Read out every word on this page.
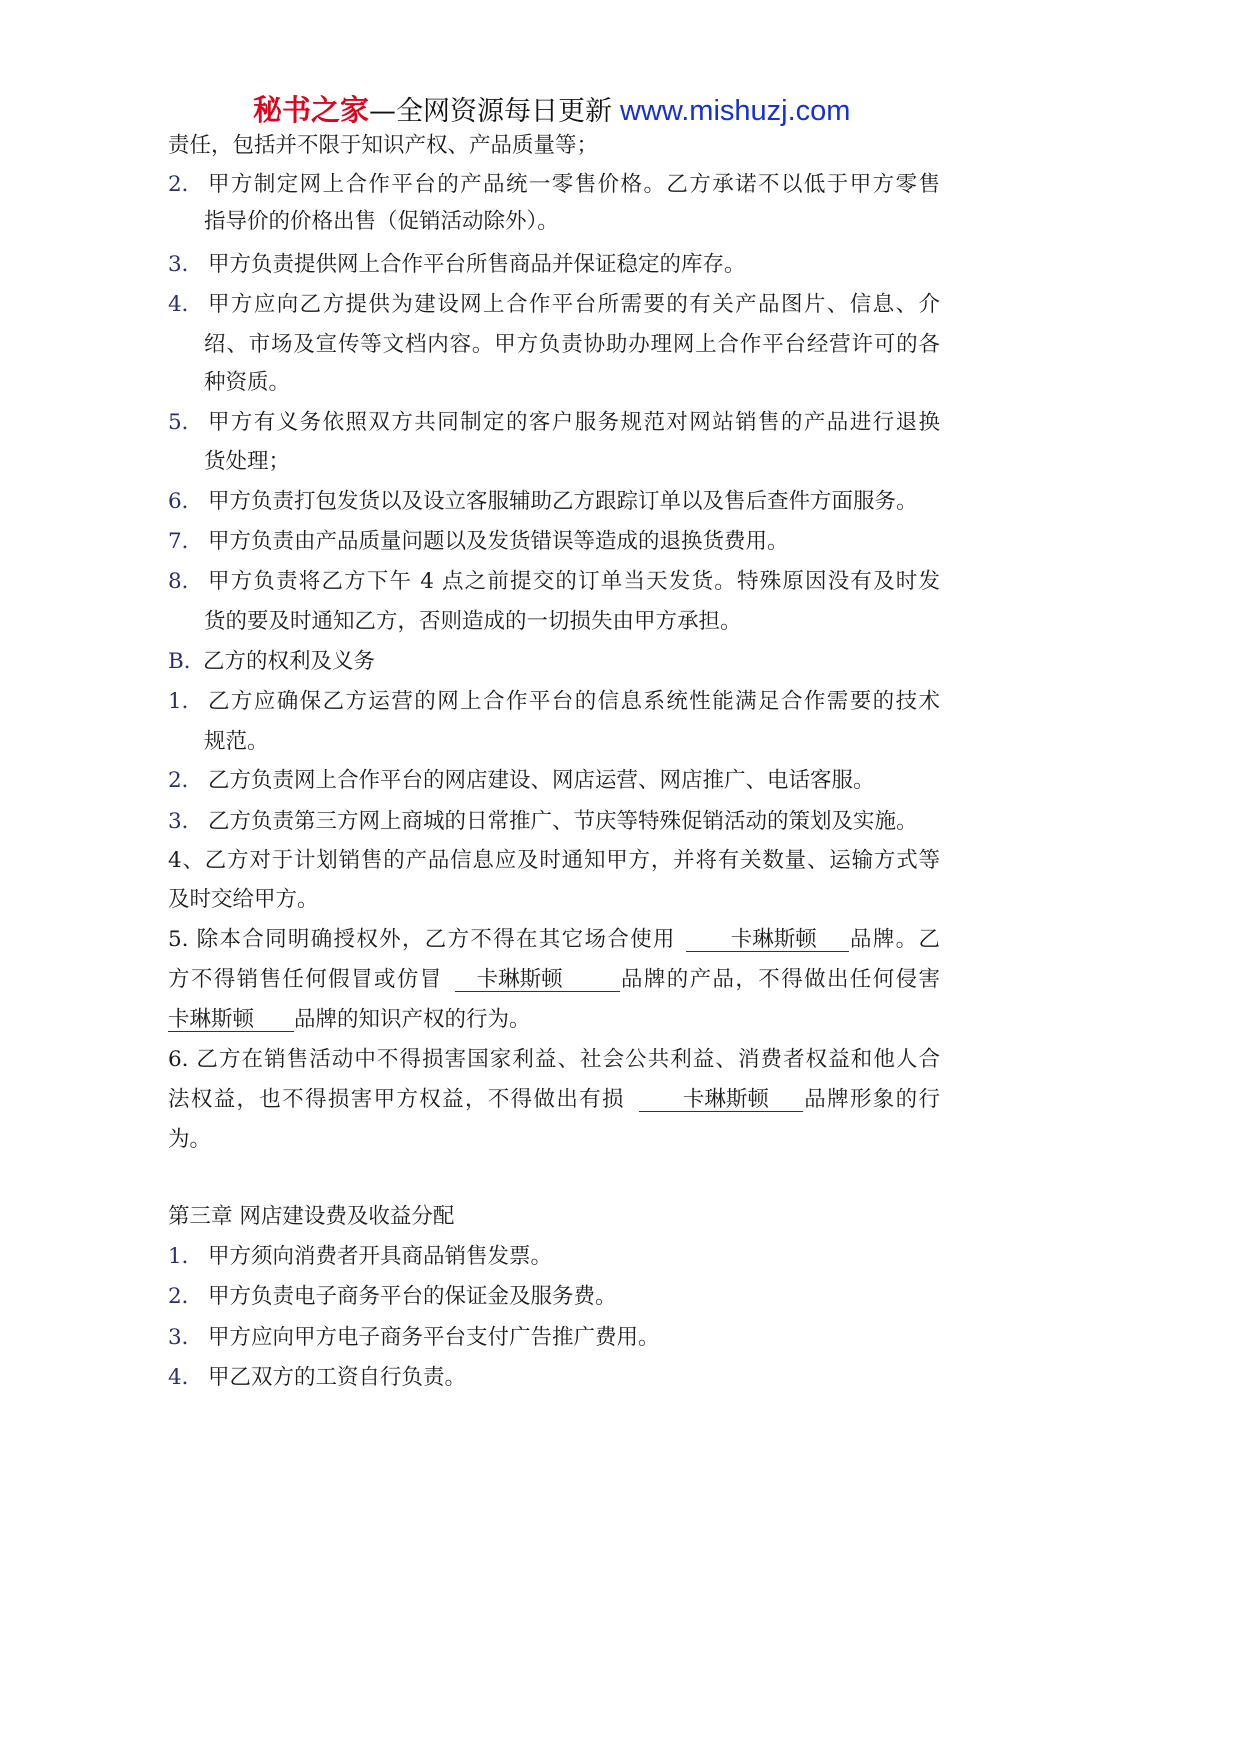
秘书之家—全网资源每日更新 www.mishuzj.com
责任，包括并不限于知识产权、产品质量等；
2． 甲方制定网上合作平台的产品统一零售价格。乙方承诺不以低于甲方零售
指导价的价格出售（促销活动除外）。
3． 甲方负责提供网上合作平台所售商品并保证稳定的库存。
4． 甲方应向乙方提供为建设网上合作平台所需要的有关产品图片、信息、介
绍、市场及宣传等文档内容。甲方负责协助办理网上合作平台经营许可的各
种资质。
5． 甲方有义务依照双方共同制定的客户服务规范对网站销售的产品进行退换
货处理；
6． 甲方负责打包发货以及设立客服辅助乙方跟踪订单以及售后查件方面服务。
7． 甲方负责由产品质量问题以及发货错误等造成的退换货费用。
8． 甲方负责将乙方下午 4 点之前提交的订单当天发货。特殊原因没有及时发
货的要及时通知乙方，否则造成的一切损失由甲方承担。
B．乙方的权利及义务
1． 乙方应确保乙方运营的网上合作平台的信息系统性能满足合作需要的技术
规范。
2． 乙方负责网上合作平台的网店建设、网店运营、网店推广、电话客服。
3． 乙方负责第三方网上商城的日常推广、节庆等特殊促销活动的策划及实施。
4、乙方对于计划销售的产品信息应及时通知甲方，并将有关数量、运输方式等
及时交给甲方。
5. 除本合同明确授权外，乙方不得在其它场合使用	卡琳斯顿 品牌。乙
方不得销售任何假冒或仿冒 卡琳斯顿	品牌的产品，不得做出任何侵害
卡琳斯顿 品牌的知识产权的行为。
6. 乙方在销售活动中不得损害国家利益、社会公共利益、消费者权益和他人合
法权益，也不得损害甲方权益，不得做出有损	卡琳斯顿 品牌形象的行
为。
第三章 网店建设费及收益分配
1． 甲方须向消费者开具商品销售发票。
2． 甲方负责电子商务平台的保证金及服务费。
3． 甲方应向甲方电子商务平台支付广告推广费用。
4． 甲乙双方的工资自行负责。
